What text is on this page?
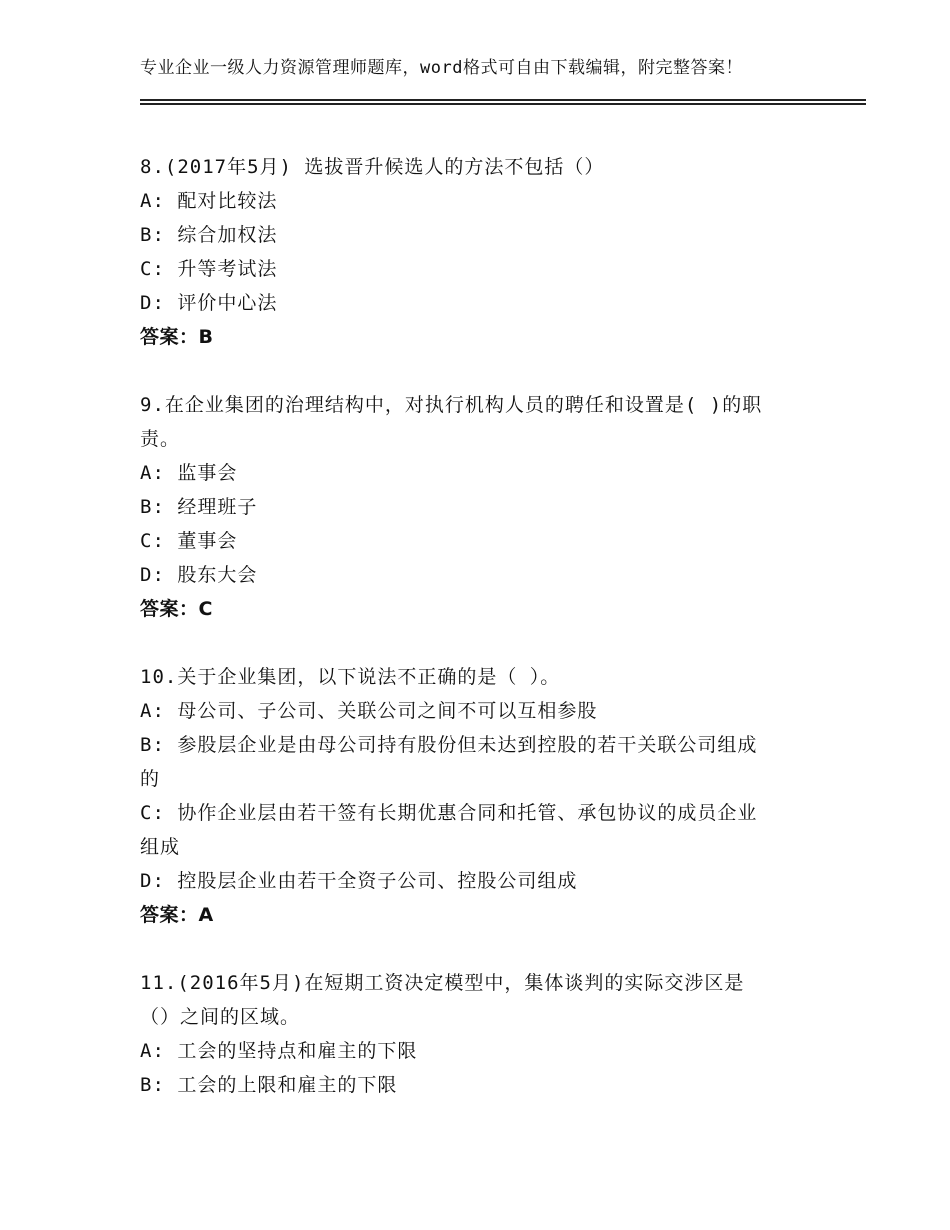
专业企业一级人力资源管理师题库，word格式可自由下载编辑，附完整答案！
8.(2017年5月) 选拔晋升候选人的方法不包括（）
A: 配对比较法
B: 综合加权法
C: 升等考试法
D: 评价中心法
答案：B
9.在企业集团的治理结构中，对执行机构人员的聘任和设置是( )的职
责。
A: 监事会
B: 经理班子
C: 董事会
D: 股东大会
答案：C
10.关于企业集团，以下说法不正确的是（ ）。
A: 母公司、子公司、关联公司之间不可以互相参股
B: 参股层企业是由母公司持有股份但未达到控股的若干关联公司组成
的
C: 协作企业层由若干签有长期优惠合同和托管、承包协议的成员企业
组成
D: 控股层企业由若干全资子公司、控股公司组成
答案：A
11.(2016年5月)在短期工资决定模型中，集体谈判的实际交涉区是
（）之间的区域。
A: 工会的坚持点和雇主的下限
B: 工会的上限和雇主的下限
